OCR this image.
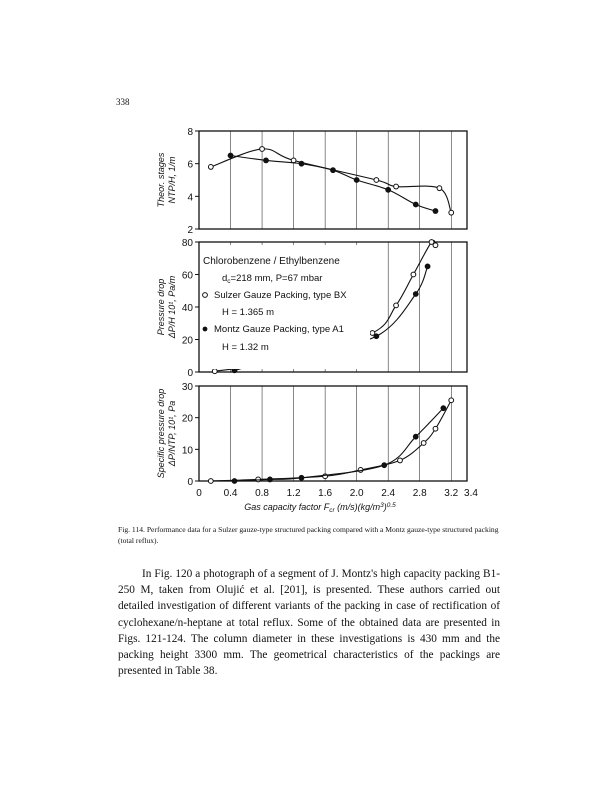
338
2
4
6
8
Theor. stagesNTP/H, 1/m
0
20
40
60
80
Pressure dropΔP/H 10¹, Pa/m
0
10
20
30
Specific pressure dropΔP/NTP, 10¹, Pa
Chlorobenzene / Ethylbenzene
$d_c=218$ mm, P=67 mbar
Sulzer Gauze Packing, type BX
H = 1.365 m
Montz Gauze Packing, type A1
H = 1.32 m
0 0.4 0.8 1.2 1.6 2.0 2.4 2.8 3.2 3.4
Gas capacity factor $F_{cr}$ $(m/s)(kg/m^3)^{0.5}$
Fig. 114. Performance data for a Sulzer gauze-type structured packing compared with a Montz gauze-type structured packing (total reflux).

In Fig. 120 a photograph of a segment of J. Montz's high capacity packing B1-250 M, taken from Olujić et al. [201], is presented. These authors carried out detailed investigation of different variants of the packing in case of rectification of cyclohexane/n-heptane at total reflux. Some of the obtained data are presented in Figs. 121-124. The column diameter in these investigations is 430 mm and the packing height 3300 mm. The geometrical characteristics of the packings are presented in Table 38.
